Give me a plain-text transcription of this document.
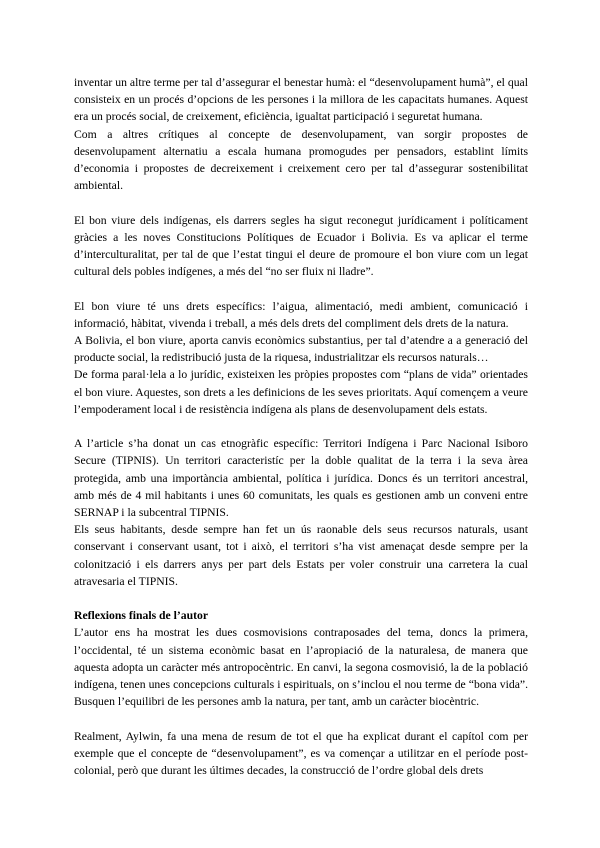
inventar un altre terme per tal d’assegurar el benestar humà: el “desenvolupament humà”, el qual consisteix en un procés d’opcions de les persones i la millora de les capacitats humanes. Aquest era un procés social, de creixement, eficiència, igualtat participació i seguretat humana.

Com a altres crítiques al concepte de desenvolupament, van sorgir propostes de desenvolupament alternatiu a escala humana promogudes per pensadors, establint límits d’economia i propostes de decreixement i creixement cero per tal d’assegurar sostenibilitat ambiental.

El bon viure dels indígenas, els darrers segles ha sigut reconegut jurídicament i políticament gràcies a les noves Constitucions Polítiques de Ecuador i Bolivia. Es va aplicar el terme d’interculturalitat, per tal de que l’estat tingui el deure de promoure el bon viure com un legat cultural dels pobles indígenes, a més del “no ser fluix ni lladre”.

El bon viure té uns drets específics: l’aigua, alimentació, medi ambient, comunicació i informació, hàbitat, vivenda i treball, a més dels drets del compliment dels drets de la natura.

A Bolivia, el bon viure, aporta canvis econòmics substantius, per tal d’atendre a a generació del producte social, la redistribució justa de la riquesa, industrialitzar els recursos naturals…

De forma paral·lela a lo jurídic, existeixen les pròpies propostes com “plans de vida” orientades el bon viure. Aquestes, son drets a les definicions de les seves prioritats. Aquí començem a veure l’empoderament local i de resistència indígena als plans de desenvolupament dels estats.

A l’article s’ha donat un cas etnogràfic específic: Territori Indígena i Parc Nacional Isiboro Secure (TIPNIS). Un territori caracteristíc per la doble qualitat de la terra i la seva àrea protegida, amb una importància ambiental, política i jurídica. Doncs és un territori ancestral, amb més de 4 mil habitants i unes 60 comunitats, les quals es gestionen amb un conveni entre SERNAP i la subcentral TIPNIS.

Els seus habitants, desde sempre han fet un ús raonable dels seus recursos naturals, usant conservant i conservant usant, tot i això, el territori s’ha vist amenaçat desde sempre per la colonització i els darrers anys per part dels Estats per voler construir una carretera la cual atravesaria el TIPNIS.

Reflexions finals de l’autor

L’autor ens ha mostrat les dues cosmovisions contraposades del tema, doncs la primera, l’occidental, té un sistema econòmic basat en l’apropiació de la naturalesa, de manera que aquesta adopta un caràcter més antropocèntric. En canvi, la segona cosmovisió, la de la població indígena, tenen unes concepcions culturals i espirituals, on s’inclou el nou terme de “bona vida”. Busquen l’equilibri de les persones amb la natura, per tant, amb un caràcter biocèntric.

Realment, Aylwin, fa una mena de resum de tot el que ha explicat durant el capítol com per exemple que el concepte de “desenvolupament”, es va començar a utilitzar en el període post-colonial, però que durant les últimes decades, la construcció de l’ordre global dels drets
